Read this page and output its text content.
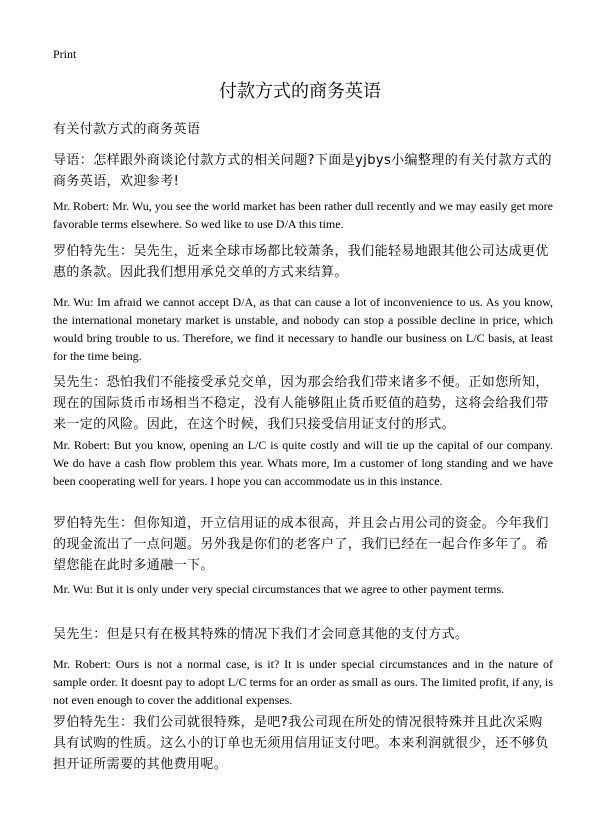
Print
付款方式的商务英语

有关付款方式的商务英语

导语：怎样跟外商谈论付款方式的相关问题?下面是yjbys小编整理的有关付款方式的商务英语，欢迎参考!

Mr. Robert: Mr. Wu, you see the world market has been rather dull recently and we may easily get more favorable terms elsewhere. So wed like to use D/A this time.

罗伯特先生：吴先生，近来全球市场都比较萧条，我们能轻易地跟其他公司达成更优惠的条款。因此我们想用承兑交单的方式来结算。

Mr. Wu: Im afraid we cannot accept D/A, as that can cause a lot of inconvenience to us. As you know, the international monetary market is unstable, and nobody can stop a possible decline in price, which would bring trouble to us. Therefore, we find it necessary to handle our business on L/C basis, at least for the time being.

吴先生：恐怕我们不能接受承兑交单，因为那会给我们带来诸多不便。正如您所知，现在的国际货币市场相当不稳定，没有人能够阻止货币贬值的趋势，这将会给我们带来一定的风险。因此，在这个时候，我们只接受信用证支付的形式。

Mr. Robert: But you know, opening an L/C is quite costly and will tie up the capital of our company. We do have a cash flow problem this year. Whats more, Im a customer of long standing and we have been cooperating well for years. I hope you can accommodate us in this instance.

罗伯特先生：但你知道，开立信用证的成本很高，并且会占用公司的资金。今年我们的现金流出了一点问题。另外我是你们的老客户了，我们已经在一起合作多年了。希望您能在此时多通融一下。

Mr. Wu: But it is only under very special circumstances that we agree to other payment terms.

吴先生：但是只有在极其特殊的情况下我们才会同意其他的支付方式。

Mr. Robert: Ours is not a normal case, is it? It is under special circumstances and in the nature of sample order. It doesnt pay to adopt L/C terms for an order as small as ours. The limited profit, if any, is not even enough to cover the additional expenses.

罗伯特先生：我们公司就很特殊，是吧?我公司现在所处的情况很特殊并且此次采购具有试购的性质。这么小的订单也无须用信用证支付吧。本来利润就很少，还不够负担开证所需要的其他费用呢。
